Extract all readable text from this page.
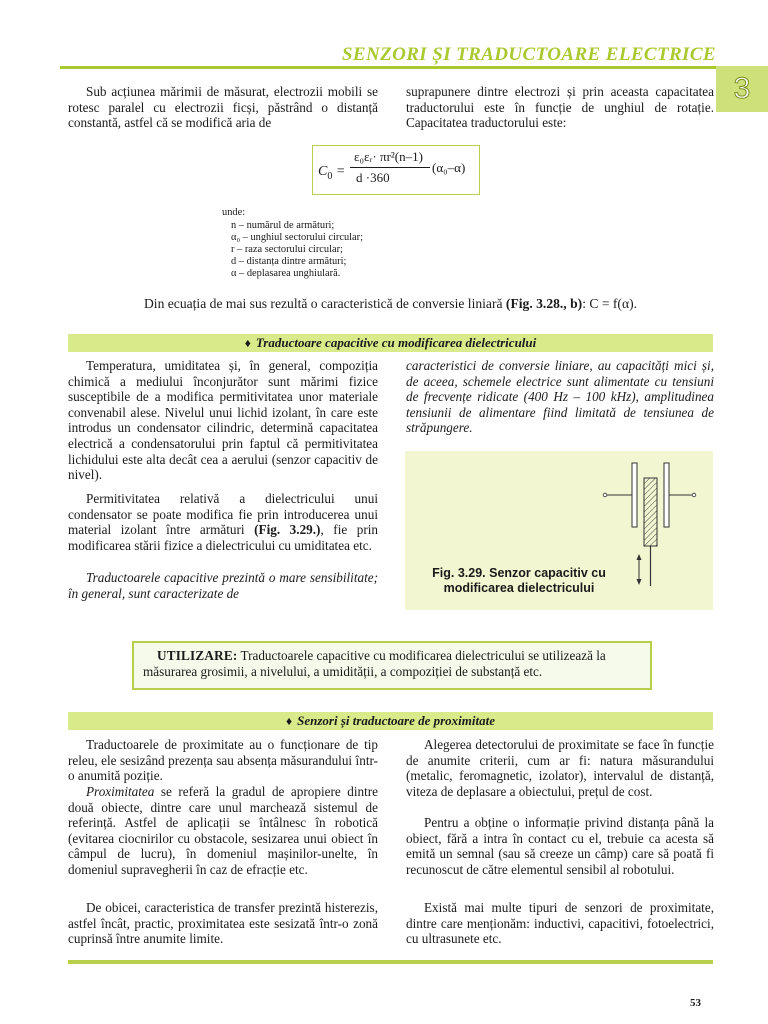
SENZORI ȘI TRADUCTOARE ELECTRICE
3
Sub acțiunea mărimii de măsurat, electrozii mobili se rotesc paralel cu electrozii ficși, păstrând o distanță constantă, astfel că se modifică aria de
suprapunere dintre electrozi și prin aceasta capacitatea traductorului este în funcție de unghiul de rotație. Capacitatea traductorului este:
$C_0$ =
ε₀εᵣ· πr²(n–1)
d ·360
(α₀–α)
unde:
n – numărul de armături;
α₀ – unghiul sectorului circular;
r – raza sectorului circular;
d – distanța dintre armături;
α – deplasarea unghiulară.
Din ecuația de mai sus rezultă o caracteristică de conversie liniară (Fig. 3.28., b): C = f(α).
♦ Traductoare capacitive cu modificarea dielectricului
Temperatura, umiditatea și, în general, compoziția chimică a mediului înconjurător sunt mărimi fizice susceptibile de a modifica permitivitatea unor materiale convenabil alese. Nivelul unui lichid izolant, în care este introdus un condensator cilindric, determină capacitatea electrică a condensatorului prin faptul că permitivitatea lichidului este alta decât cea a aerului (senzor capacitiv de nivel).
Permitivitatea relativă a dielectricului unui condensator se poate modifica fie prin introducerea unui material izolant între armături (Fig. 3.29.), fie prin modificarea stării fizice a dielectricului cu umiditatea etc.
Traductoarele capacitive prezintă o mare sensibilitate; în general, sunt caracterizate de
caracteristici de conversie liniare, au capacități mici și, de aceea, schemele electrice sunt alimentate cu tensiuni de frecvențe ridicate (400 Hz – 100 kHz), amplitudinea tensiunii de alimentare fiind limitată de tensiunea de străpungere.
Fig. 3.29. Senzor capacitiv cu modificarea dielectricului
UTILIZARE: Traductoarele capacitive cu modificarea dielectricului se utilizează la măsurarea grosimii, a nivelului, a umidității, a compoziției de substanță etc.
♦ Senzori și traductoare de proximitate
Traductoarele de proximitate au o funcționare de tip releu, ele sesizând prezența sau absența măsurandului într-o anumită poziție.
Proximitatea se referă la gradul de apropiere dintre două obiecte, dintre care unul marchează sistemul de referință. Astfel de aplicații se întâlnesc în robotică (evitarea ciocnirilor cu obstacole, sesizarea unui obiect în câmpul de lucru), în domeniul mașinilor-unelte, în domeniul supravegherii în caz de efracție etc.
De obicei, caracteristica de transfer prezintă histerezis, astfel încât, practic, proximitatea este sesizată într-o zonă cuprinsă între anumite limite.
Alegerea detectorului de proximitate se face în funcție de anumite criterii, cum ar fi: natura măsurandului (metalic, feromagnetic, izolator), intervalul de distanță, viteza de deplasare a obiectului, prețul de cost.
Pentru a obține o informație privind distanța până la obiect, fără a intra în contact cu el, trebuie ca acesta să emită un semnal (sau să creeze un câmp) care să poată fi recunoscut de către elementul sensibil al robotului.
Există mai multe tipuri de senzori de proximitate, dintre care menționăm: inductivi, capacitivi, fotoelectrici, cu ultrasunete etc.
53
